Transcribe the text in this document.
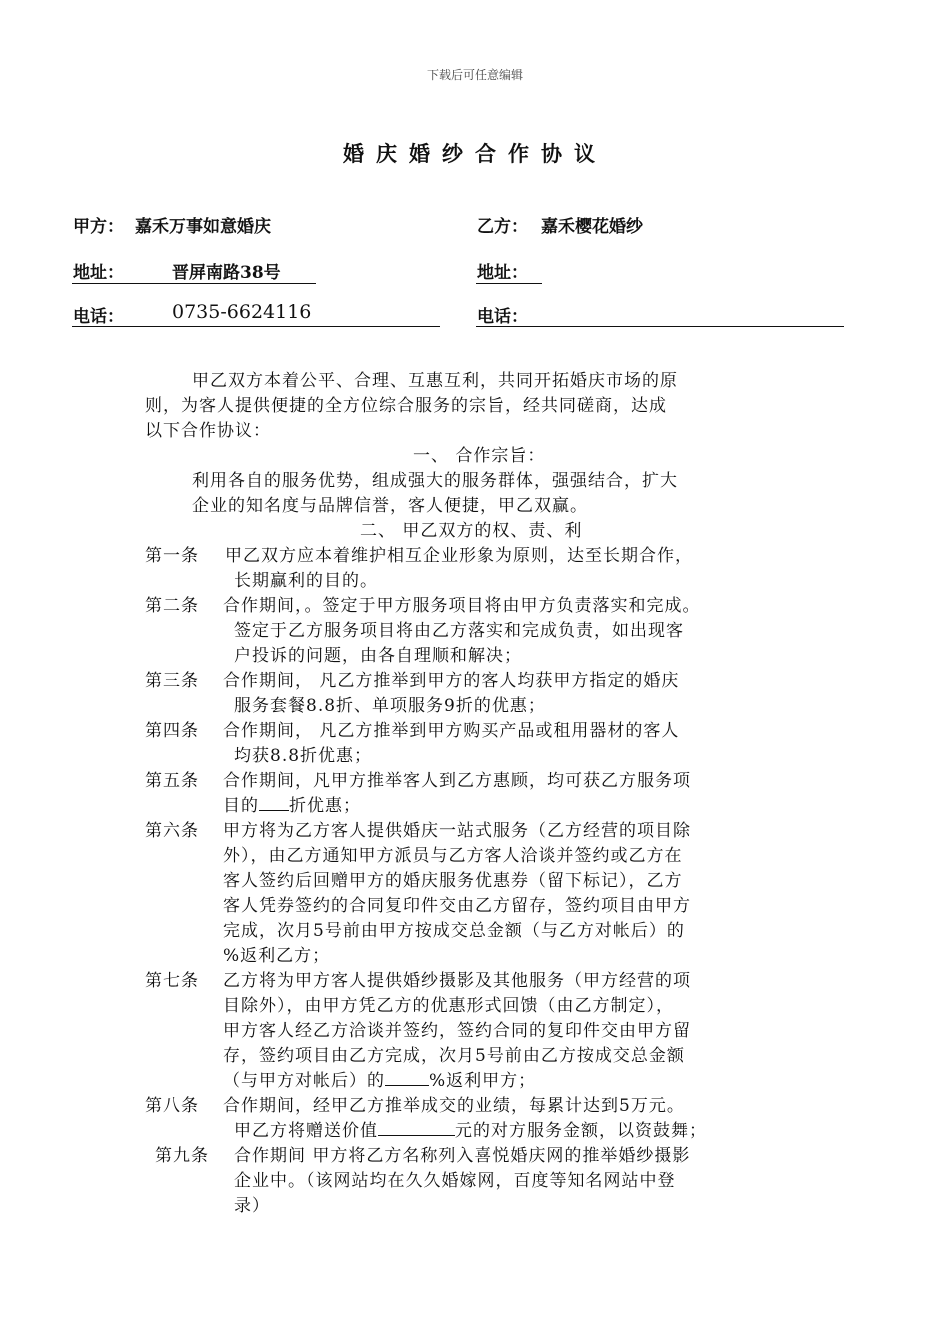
下载后可任意编辑
婚庆婚纱合作协议
甲方： 嘉禾万事如意婚庆	乙方： 嘉禾樱花婚纱
地址：	晋屏南路38号	地址：
电话：	0735-6624116	电话：
甲乙双方本着公平、合理、互惠互利，共同开拓婚庆市场的原
则，为客人提供便捷的全方位综合服务的宗旨，经共同磋商，达成
以下合作协议：
一、 合作宗旨：
利用各自的服务优势，组成强大的服务群体，强强结合，扩大
企业的知名度与品牌信誉，客人便捷，甲乙双赢。
二、 甲乙双方的权、责、利
第一条 甲乙双方应本着维护相互企业形象为原则，达至长期合作，
长期赢利的目的。
第二条 合作期间，。签定于甲方服务项目将由甲方负责落实和完成。
签定于乙方服务项目将由乙方落实和完成负责，如出现客
户投诉的问题，由各自理顺和解决；
第三条 合作期间， 凡乙方推举到甲方的客人均获甲方指定的婚庆
服务套餐8.8折、单项服务9折的优惠；
第四条 合作期间， 凡乙方推举到甲方购买产品或租用器材的客人
均获8.8折优惠；
第五条 合作期间，凡甲方推举客人到乙方惠顾，均可获乙方服务项
目的 折优惠；
第六条 甲方将为乙方客人提供婚庆一站式服务（乙方经营的项目除
外），由乙方通知甲方派员与乙方客人洽谈并签约或乙方在
客人签约后回赠甲方的婚庆服务优惠券（留下标记），乙方
客人凭券签约的合同复印件交由乙方留存，签约项目由甲方
完成，次月5号前由甲方按成交总金额（与乙方对帐后）的
%返利乙方；
第七条 乙方将为甲方客人提供婚纱摄影及其他服务（甲方经营的项
目除外），由甲方凭乙方的优惠形式回馈（由乙方制定），
甲方客人经乙方洽谈并签约，签约合同的复印件交由甲方留
存，签约项目由乙方完成，次月5号前由乙方按成交总金额
（与甲方对帐后）的	%返利甲方；
第八条 合作期间，经甲乙方推举成交的业绩，每累计达到5万元。
甲乙方将赠送价值	元的对方服务金额，以资鼓舞；
第九条 合作期间 甲方将乙方名称列入喜悦婚庆网的推举婚纱摄影
企业中。（该网站均在久久婚嫁网，百度等知名网站中登
录）
